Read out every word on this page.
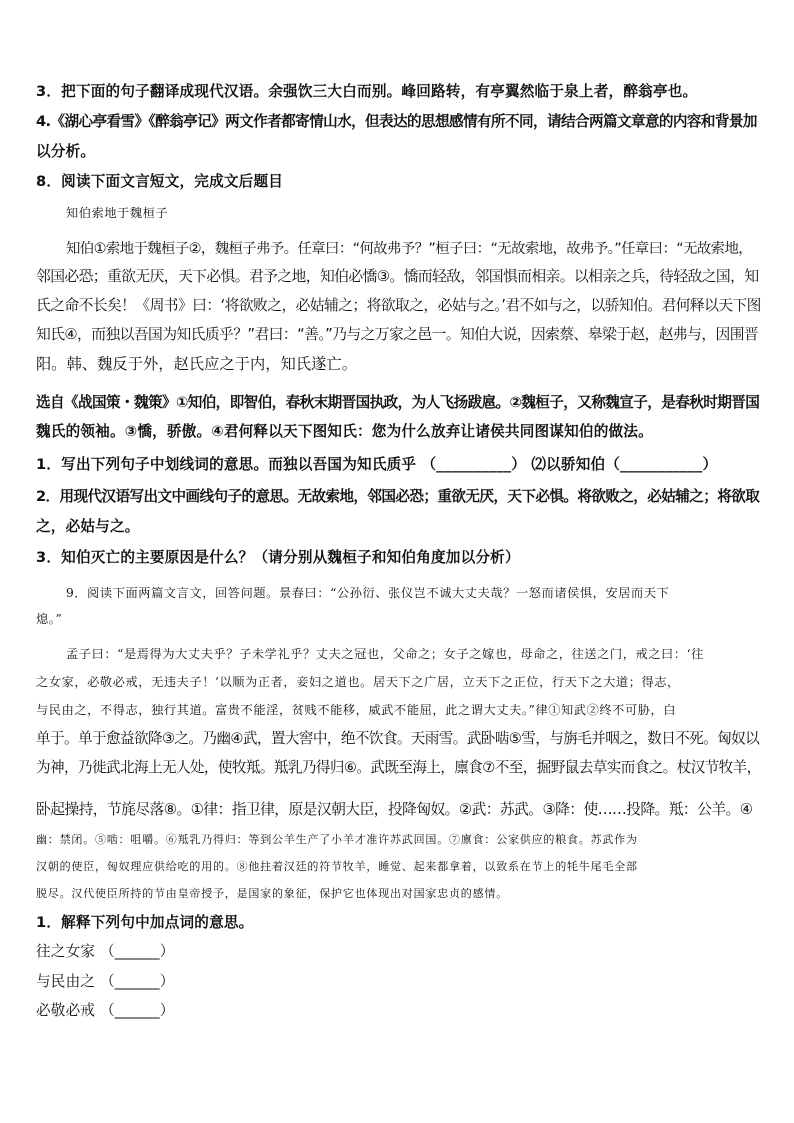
3．把下面的句子翻译成现代汉语。余强饮三大白而别。峰回路转，有亭翼然临于泉上者，醉翁亭也。

4.《湖心亭看雪》《醉翁亭记》两文作者都寄情山水，但表达的思想感情有所不同，请结合两篇文章意的内容和背景加

以分析。

8．阅读下面文言短文，完成文后题目

知伯索地于魏桓子

知伯①索地于魏桓子②，魏桓子弗予。任章曰：“何故弗予？”桓子曰：“无故索地，故弗予。”任章曰：“无故索地，

邻国必恐；重欲无厌，天下必惧。君予之地，知伯必憍③。憍而轻敌，邻国惧而相亲。以相亲之兵，待轻敌之国，知

氏之命不长矣！《周书》曰：‘将欲败之，必姑辅之；将欲取之，必姑与之。’君不如与之，以骄知伯。君何释以天下图

知氏④，而独以吾国为知氏质乎？”君曰：“善。”乃与之万家之邑一。知伯大说，因索蔡、皋梁于赵，赵弗与，因围晋

阳。韩、魏反于外，赵氏应之于内，知氏遂亡。

选自《战国策・魏策》①知伯，即智伯，春秋末期晋国执政，为人飞扬跋扈。②魏桓子，又称魏宣子，是春秋时期晋国

魏氏的领袖。③憍，骄傲。④君何释以天下图知氏：您为什么放弃让诸侯共同图谋知伯的做法。

1．写出下列句子中划线词的意思。而独以吾国为知氏质乎 （__________） ⑵以骄知伯（___________）

2．用现代汉语写出文中画线句子的意思。无故索地，邻国必恐；重欲无厌，天下必惧。将欲败之，必姑辅之；将欲取

之，必姑与之。

3．知伯灭亡的主要原因是什么？（请分别从魏桓子和知伯角度加以分析）

9．阅读下面两篇文言文，回答问题。景春曰：“公孙衍、张仪岂不诚大丈夫哉？一怒而诸侯惧，安居而天下

熄。”

孟子曰：“是焉得为大丈夫乎？子未学礼乎？丈夫之冠也，父命之；女子之嫁也，母命之，往送之门，戒之曰：‘往

之女家，必敬必戒，无违夫子！’以顺为正者，妾妇之道也。居天下之广居，立天下之正位，行天下之大道；得志，

与民由之，不得志，独行其道。富贵不能淫，贫贱不能移，威武不能屈，此之谓大丈夫。”律①知武②终不可胁，白

单于。单于愈益欲降③之。乃幽④武，置大窖中，绝不饮食。天雨雪。武卧啮⑤雪，与旃毛并咽之，数日不死。匈奴以

为神，乃徙武北海上无人处，使牧羝。羝乳乃得归⑥。武既至海上，廪食⑦不至，掘野鼠去草实而食之。杖汉节牧羊，

卧起操持，节旄尽落⑧。①律：指卫律，原是汉朝大臣，投降匈奴。②武：苏武。③降：使……投降。羝：公羊。④

幽：禁闭。⑤啮：咀嚼。⑥羝乳乃得归：等到公羊生产了小羊才准许苏武回国。⑦廪食：公家供应的粮食。苏武作为

汉朝的使臣，匈奴理应供给吃的用的。⑧他拄着汉廷的符节牧羊，睡觉、起来都拿着，以致系在节上的牦牛尾毛全部

脱尽。汉代使臣所持的节由皇帝授予，是国家的象征，保护它也体现出对国家忠贞的感情。

1．解释下列句中加点词的意思。

往之女家 （______）

与民由之 （______）

必敬必戒 （______）
